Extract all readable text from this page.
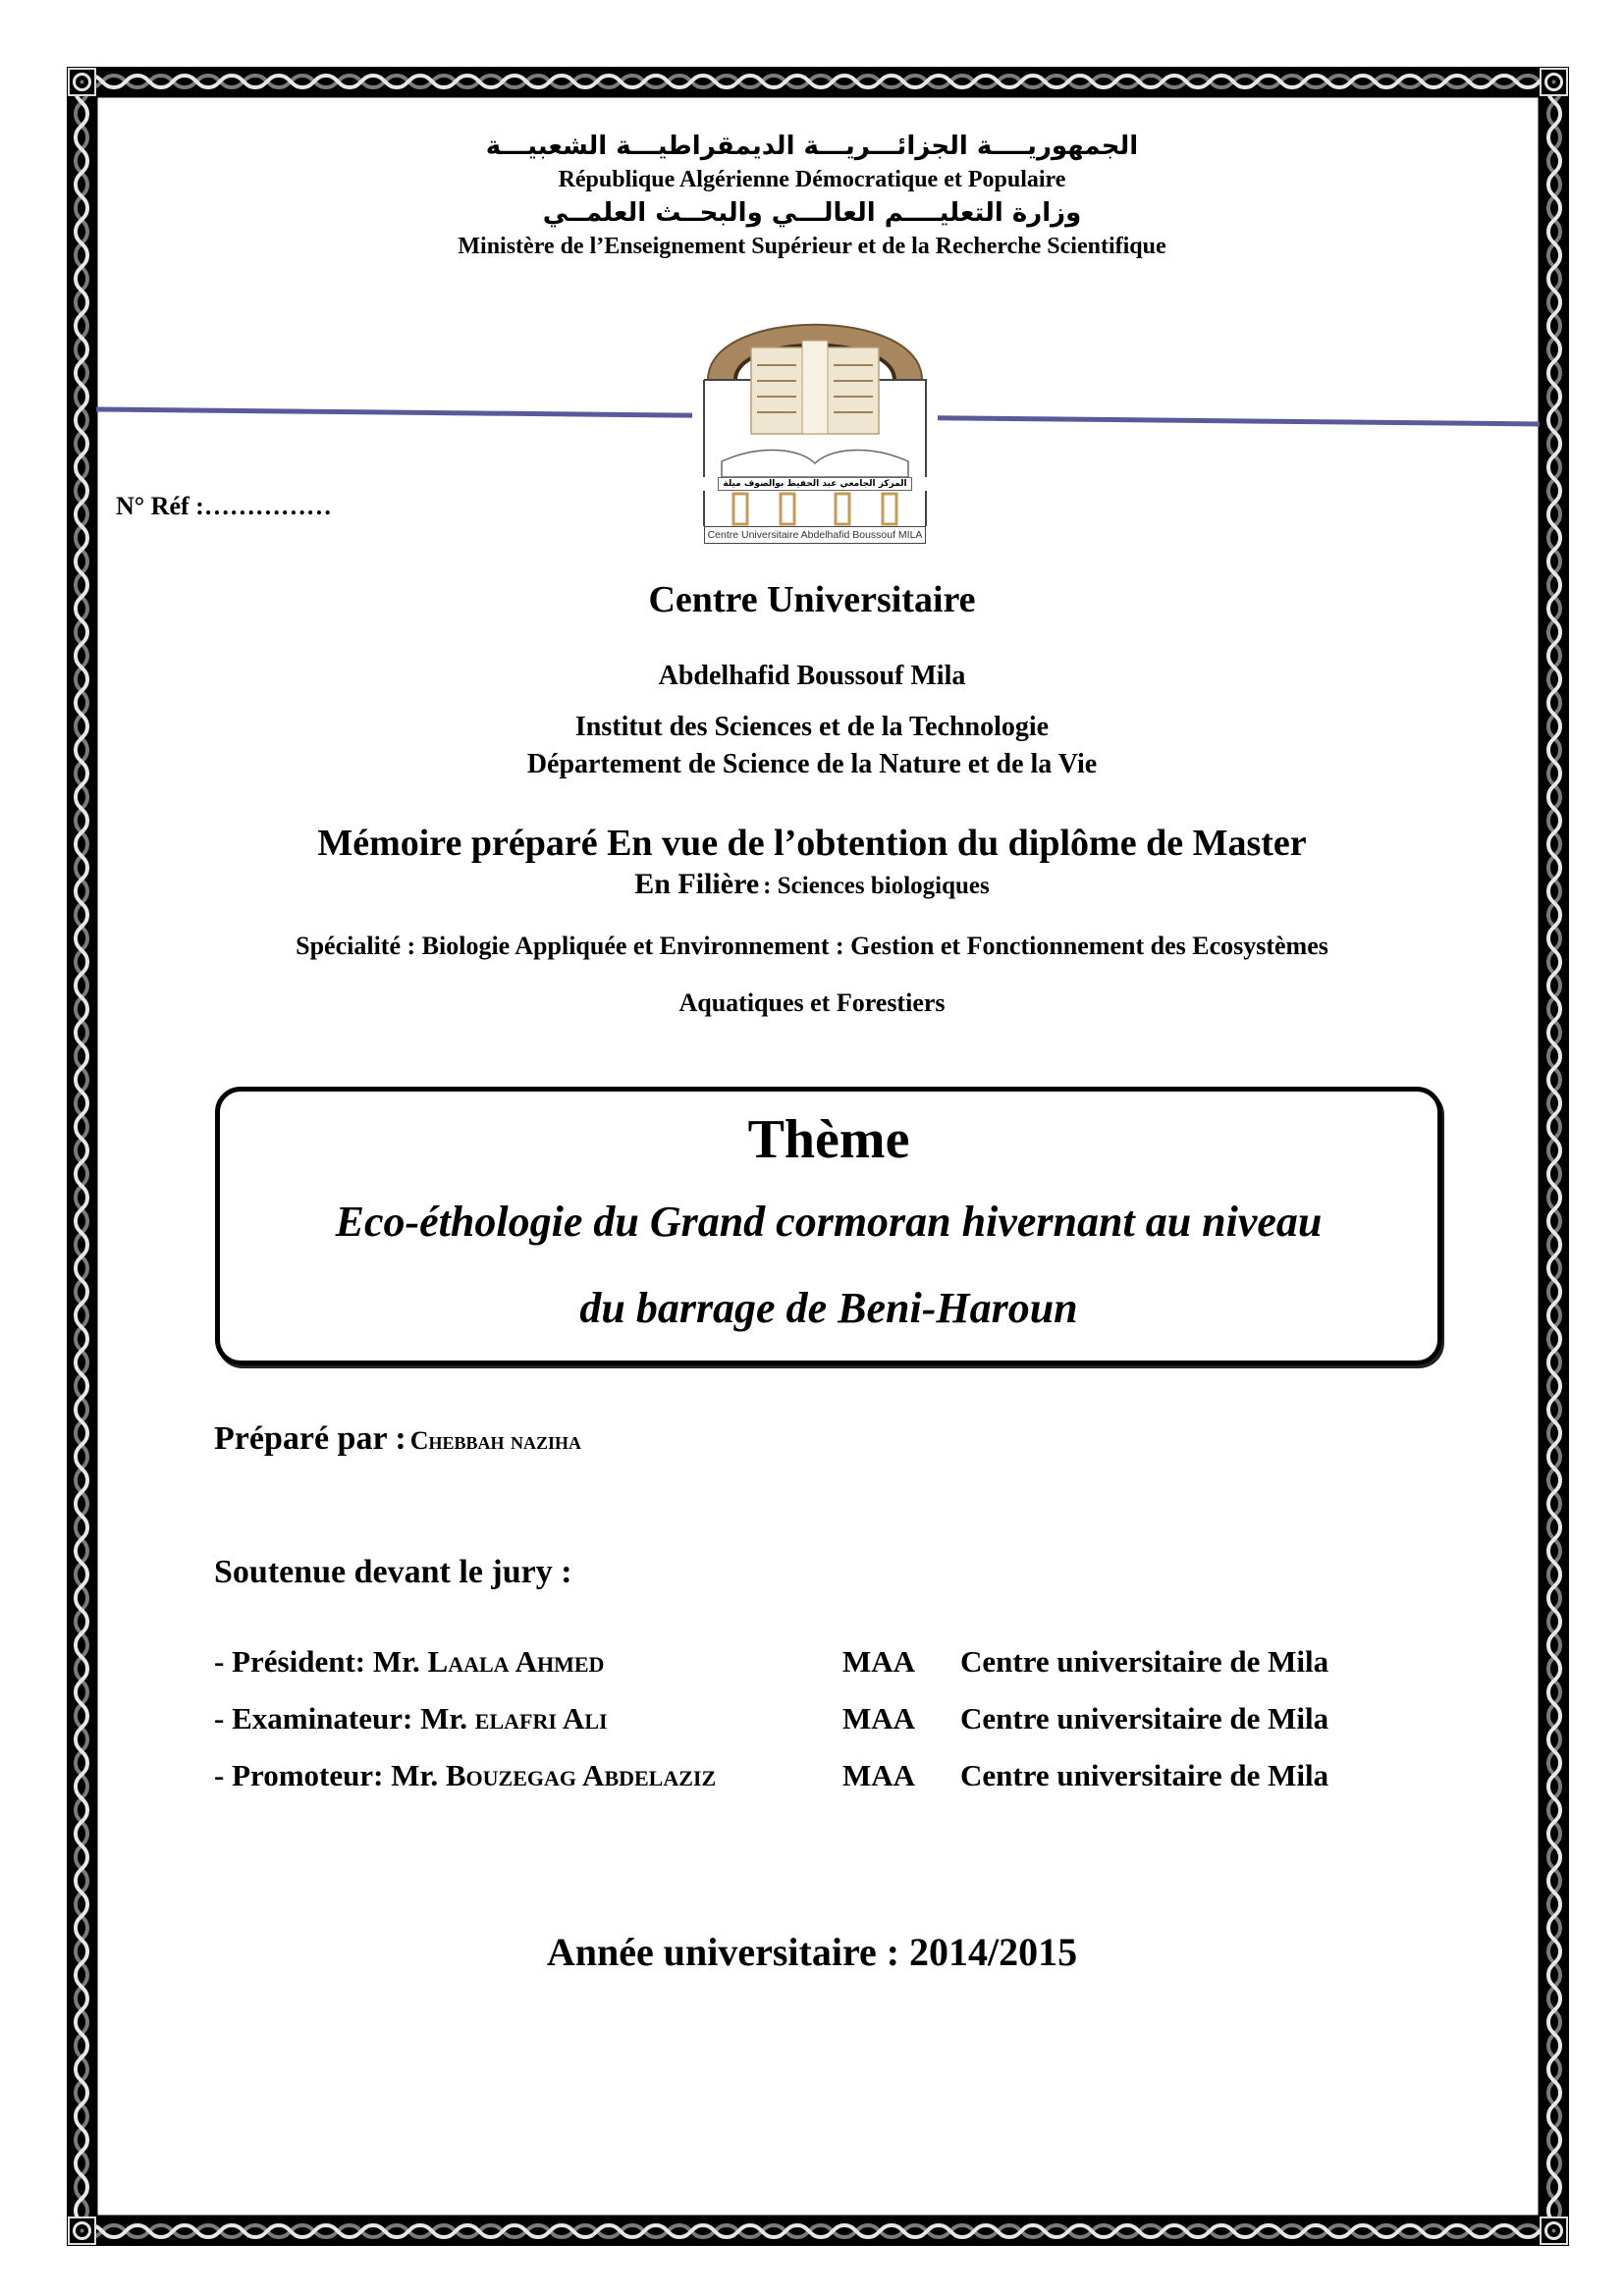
الجمهوريــــة الجزائـــريـــة الديمقراطيـــة الشعبيـــة
République Algérienne Démocratique et Populaire
وزارة التعليــــم العالـــي والبحــث العلمــي
Ministère de l’Enseignement Supérieur et de la Recherche Scientifique
N° Réf :……………
المركز الجامعي عبد الحفيظ بوالصوف ميلة
Centre Universitaire Abdelhafid Boussouf MILA
Centre Universitaire
Abdelhafid Boussouf Mila
Institut des Sciences et de la Technologie
Département de Science de la Nature et de la Vie
Mémoire préparé En vue de l’obtention du diplôme de Master
En Filière : Sciences biologiques
Spécialité : Biologie Appliquée et Environnement : Gestion et Fonctionnement des Ecosystèmes
Aquatiques et Forestiers
Thème
Eco-éthologie du Grand cormoran hivernant au niveau
du barrage de Beni-Haroun
Préparé par : Chebbah naziha
Soutenue devant le jury :
- Président: Mr. Laala Ahmed	MAA	Centre universitaire de Mila
- Examinateur: Mr. elafri Ali	MAA	Centre universitaire de Mila
- Promoteur: Mr. Bouzegag Abdelaziz	MAA	Centre universitaire de Mila
Année universitaire : 2014/2015
